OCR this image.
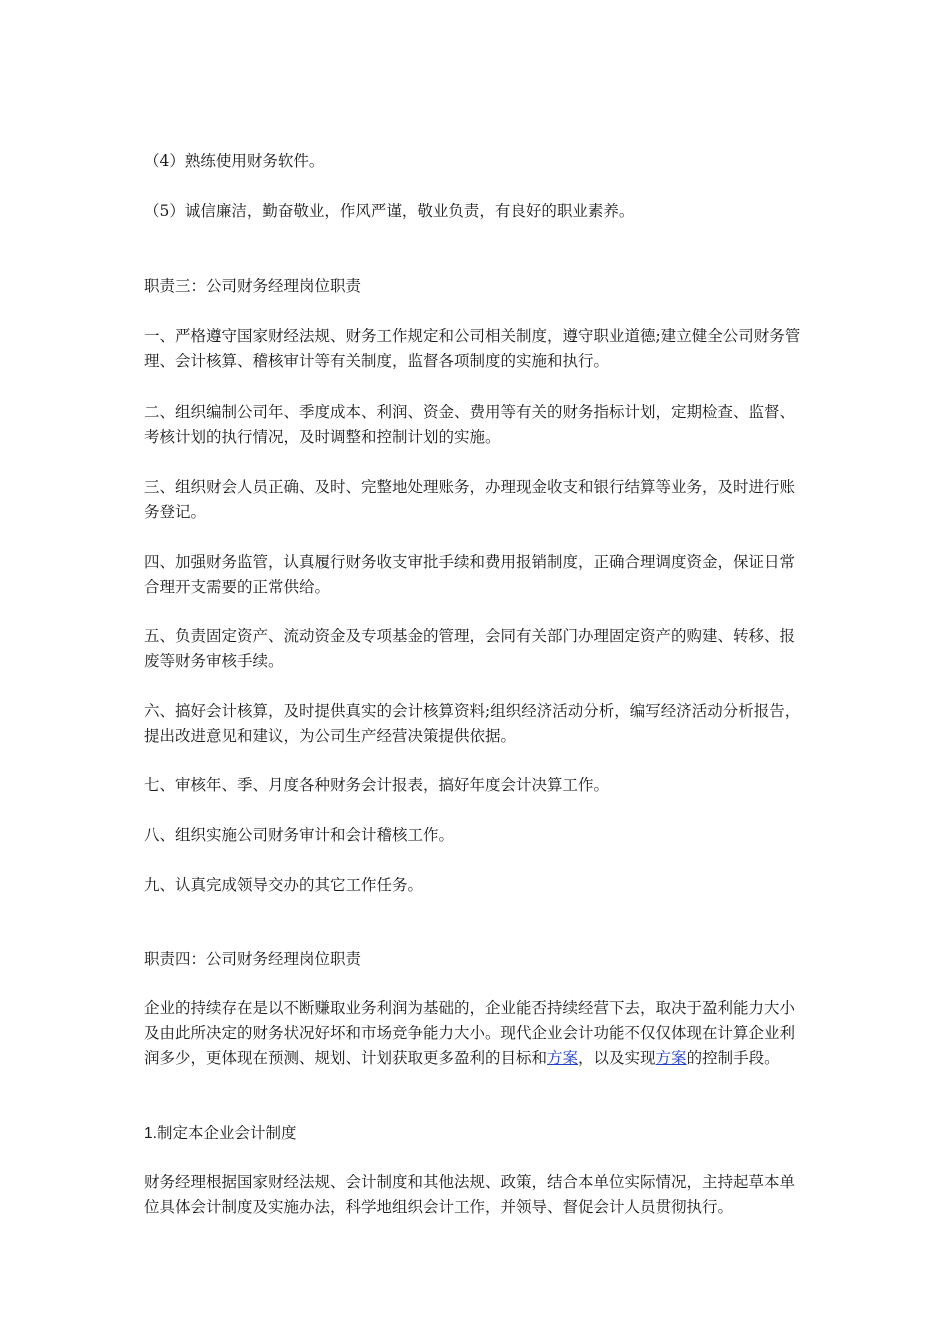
（4）熟练使用财务软件。

（5）诚信廉洁，勤奋敬业，作风严谨，敬业负责，有良好的职业素养。

职责三：公司财务经理岗位职责

一、严格遵守国家财经法规、财务工作规定和公司相关制度，遵守职业道德;建立健全公司财务管理、会计核算、稽核审计等有关制度，监督各项制度的实施和执行。

二、组织编制公司年、季度成本、利润、资金、费用等有关的财务指标计划，定期检查、监督、考核计划的执行情况，及时调整和控制计划的实施。

三、组织财会人员正确、及时、完整地处理账务，办理现金收支和银行结算等业务，及时进行账务登记。

四、加强财务监管，认真履行财务收支审批手续和费用报销制度，正确合理调度资金，保证日常合理开支需要的正常供给。

五、负责固定资产、流动资金及专项基金的管理，会同有关部门办理固定资产的购建、转移、报废等财务审核手续。

六、搞好会计核算，及时提供真实的会计核算资料;组织经济活动分析，编写经济活动分析报告，提出改进意见和建议，为公司生产经营决策提供依据。

七、审核年、季、月度各种财务会计报表，搞好年度会计决算工作。

八、组织实施公司财务审计和会计稽核工作。

九、认真完成领导交办的其它工作任务。

职责四：公司财务经理岗位职责

企业的持续存在是以不断赚取业务利润为基础的，企业能否持续经营下去，取决于盈利能力大小及由此所决定的财务状况好坏和市场竞争能力大小。现代企业会计功能不仅仅体现在计算企业利润多少，更体现在预测、规划、计划获取更多盈利的目标和方案，以及实现方案的控制手段。

1.制定本企业会计制度

财务经理根据国家财经法规、会计制度和其他法规、政策，结合本单位实际情况，主持起草本单位具体会计制度及实施办法，科学地组织会计工作，并领导、督促会计人员贯彻执行。
